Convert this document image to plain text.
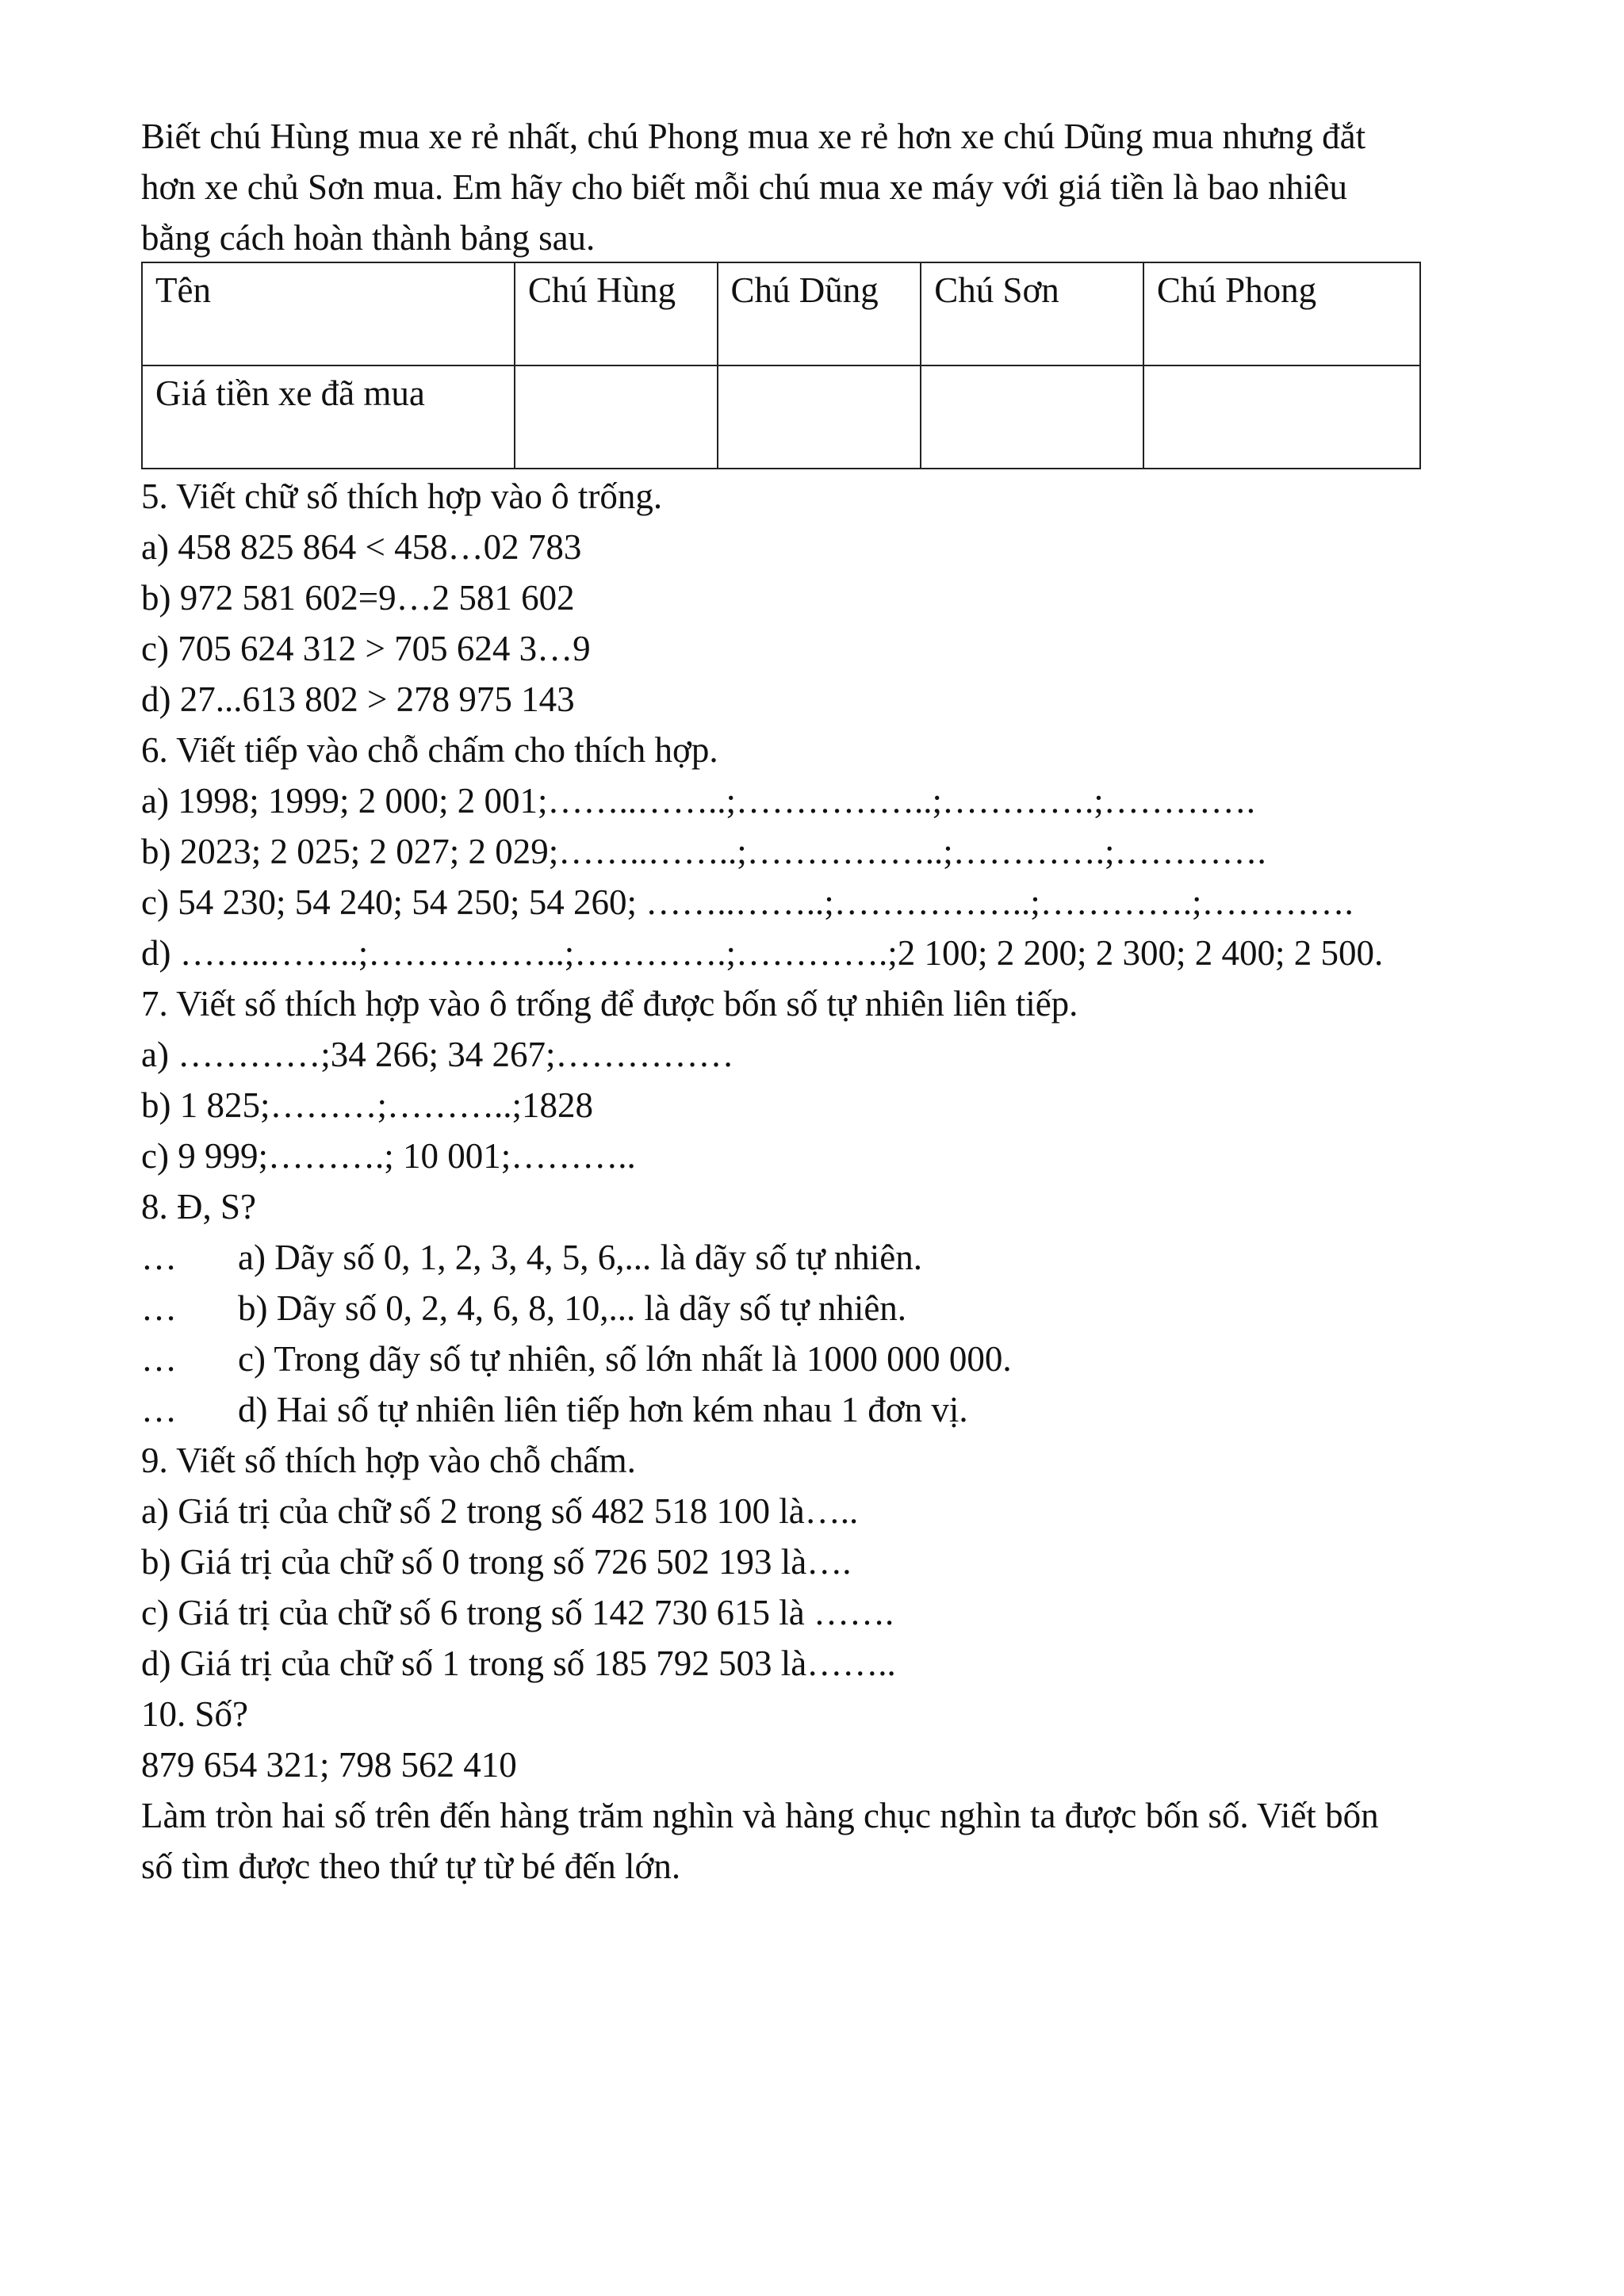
Biết chú Hùng mua xe rẻ nhất, chú Phong mua xe rẻ hơn xe chú Dũng mua nhưng đắt
hơn xe chủ Sơn mua. Em hãy cho biết mỗi chú mua xe máy với giá tiền là bao nhiêu
bằng cách hoàn thành bảng sau.
Tên	Chú Hùng	Chú Dũng	Chú Sơn	Chú Phong
Giá tiền xe đã mua				
5. Viết chữ số thích hợp vào ô trống.
a) 458 825 864 < 458…02 783
b) 972 581 602=9…2 581 602
c) 705 624 312 > 705 624 3…9
d) 27...613 802 > 278 975 143
6. Viết tiếp vào chỗ chấm cho thích hợp.
a) 1998; 1999; 2 000; 2 001;……..……..;……………..;………….;………….
b) 2023; 2 025; 2 027; 2 029;……..……..;……………..;………….;………….
c) 54 230; 54 240; 54 250; 54 260; ……..……..;……………..;………….;………….
d) ……..……..;……………..;………….;………….;2 100; 2 200; 2 300; 2 400; 2 500.
7. Viết số thích hợp vào ô trống để được bốn số tự nhiên liên tiếp.
a) …………;34 266; 34 267;……………
b) 1 825;………;………..;1828
c) 9 999;……….; 10 001;………..
8. Đ, S?
…	a) Dãy số 0, 1, 2, 3, 4, 5, 6,... là dãy số tự nhiên.
…	b) Dãy số 0, 2, 4, 6, 8, 10,... là dãy số tự nhiên.
…	c) Trong dãy số tự nhiên, số lớn nhất là 1000 000 000.
…	d) Hai số tự nhiên liên tiếp hơn kém nhau 1 đơn vị.
9. Viết số thích hợp vào chỗ chấm.
a) Giá trị của chữ số 2 trong số 482 518 100 là…..
b) Giá trị của chữ số 0 trong số 726 502 193 là….
c) Giá trị của chữ số 6 trong số 142 730 615 là …….
d) Giá trị của chữ số 1 trong số 185 792 503 là……..
10. Số?
879 654 321; 798 562 410
Làm tròn hai số trên đến hàng trăm nghìn và hàng chục nghìn ta được bốn số. Viết bốn
số tìm được theo thứ tự từ bé đến lớn.
